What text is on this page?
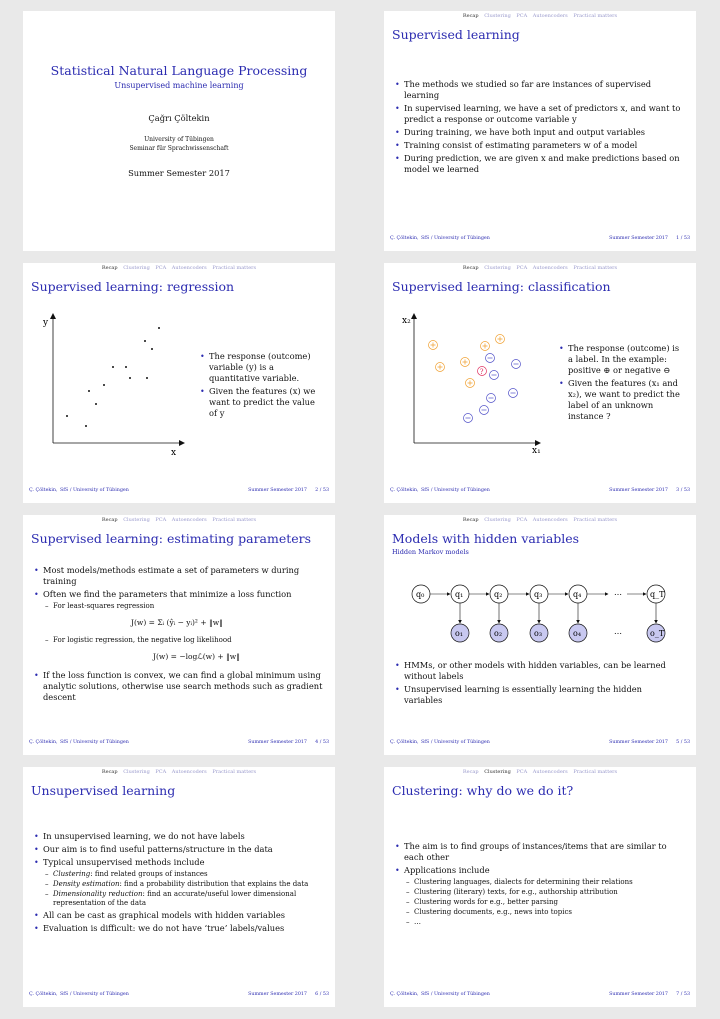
Statistical Natural Language Processing
Unsupervised machine learning
Çağrı Çöltekin
University of Tübingen
Seminar für Sprachwissenschaft
Summer Semester 2017
Recap Clustering PCA Autoencoders Practical matters
Supervised learning
• The methods we studied so far are instances of supervised learning
• In supervised learning, we have a set of predictors x, and want to predict a response or outcome variable y
• During training, we have both input and output variables
• Training consist of estimating parameters w of a model
• During prediction, we are given x and make predictions based on model we learned
Ç. Çöltekin, SfS / University of Tübingen	Summer Semester 2017 1 / 53
Recap Clustering PCA Autoencoders Practical matters
Supervised learning: regression
y
x
• The response (outcome) variable (y) is a quantitative variable.
• Given the features (x) we want to predict the value of y
Ç. Çöltekin, SfS / University of Tübingen	Summer Semester 2017 2 / 53
Recap Clustering PCA Autoencoders Practical matters
Supervised learning: classification
x₂
x₁
?
• The response (outcome) is a label. In the example: positive ⊕ or negative ⊖
• Given the features (x₁ and x₂), we want to predict the label of an unknown instance ?
Ç. Çöltekin, SfS / University of Tübingen	Summer Semester 2017 3 / 53
Recap Clustering PCA Autoencoders Practical matters
Supervised learning: estimating parameters
• Most models/methods estimate a set of parameters w during training
• Often we find the parameters that minimize a loss function
– For least-squares regression
J(w) = Σᵢ (ŷᵢ − yᵢ)² + ‖w‖
– For logistic regression, the negative log likelihood
J(w) = −logℒ(w) + ‖w‖
• If the loss function is convex, we can find a global minimum using analytic solutions, otherwise use search methods such as gradient descent
Ç. Çöltekin, SfS / University of Tübingen	Summer Semester 2017 4 / 53
Recap Clustering PCA Autoencoders Practical matters
Models with hidden variables
Hidden Markov models
q₀	q₁	q₂	q₃	q₄	…	q_T
o₁	o₂	o₃	o₄	…	o_T
• HMMs, or other models with hidden variables, can be learned without labels
• Unsupervised learning is essentially learning the hidden variables
Ç. Çöltekin, SfS / University of Tübingen	Summer Semester 2017 5 / 53
Recap Clustering PCA Autoencoders Practical matters
Unsupervised learning
• In unsupervised learning, we do not have labels
• Our aim is to find useful patterns/structure in the data
• Typical unsupervised methods include
– Clustering: find related groups of instances
– Density estimation: find a probability distribution that explains the data
– Dimensionality reduction: find an accurate/useful lower dimensional representation of the data
• All can be cast as graphical models with hidden variables
• Evaluation is difficult: we do not have ‘true’ labels/values
Ç. Çöltekin, SfS / University of Tübingen	Summer Semester 2017 6 / 53
Recap Clustering PCA Autoencoders Practical matters
Clustering: why do we do it?
• The aim is to find groups of instances/items that are similar to each other
• Applications include
– Clustering languages, dialects for determining their relations
– Clustering (literary) texts, for e.g., authorship attribution
– Clustering words for e.g., better parsing
– Clustering documents, e.g., news into topics
– …
Ç. Çöltekin, SfS / University of Tübingen	Summer Semester 2017 7 / 53
